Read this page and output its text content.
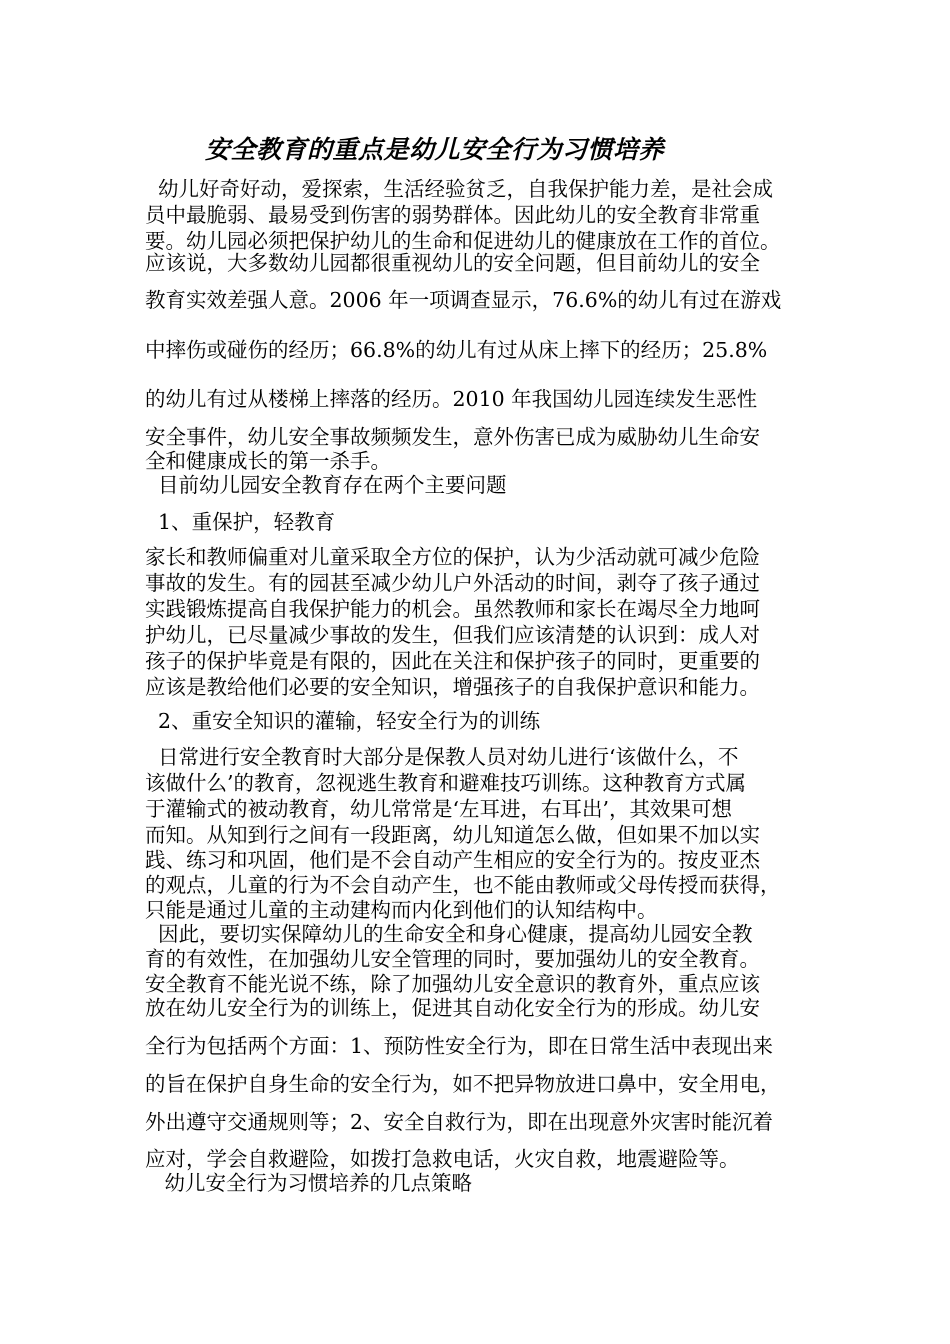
安全教育的重点是幼儿安全行为习惯培养
幼儿好奇好动，爱探索，生活经验贫乏，自我保护能力差，是社会成
员中最脆弱、最易受到伤害的弱势群体。因此幼儿的安全教育非常重
要。幼儿园必须把保护幼儿的生命和促进幼儿的健康放在工作的首位。
应该说，大多数幼儿园都很重视幼儿的安全问题，但目前幼儿的安全
教育实效差强人意。2006 年一项调查显示，76.6%的幼儿有过在游戏
中摔伤或碰伤的经历；66.8%的幼儿有过从床上摔下的经历；25.8%
的幼儿有过从楼梯上摔落的经历。2010 年我国幼儿园连续发生恶性
安全事件，幼儿安全事故频频发生，意外伤害已成为威胁幼儿生命安
全和健康成长的第一杀手。
目前幼儿园安全教育存在两个主要问题
1、重保护，轻教育
家长和教师偏重对儿童采取全方位的保护，认为少活动就可减少危险
事故的发生。有的园甚至减少幼儿户外活动的时间，剥夺了孩子通过
实践锻炼提高自我保护能力的机会。虽然教师和家长在竭尽全力地呵
护幼儿，已尽量减少事故的发生，但我们应该清楚的认识到：成人对
孩子的保护毕竟是有限的，因此在关注和保护孩子的同时，更重要的
应该是教给他们必要的安全知识，增强孩子的自我保护意识和能力。
2、重安全知识的灌输，轻安全行为的训练
日常进行安全教育时大部分是保教人员对幼儿进行‘该做什么，不
该做什么’的教育，忽视逃生教育和避难技巧训练。这种教育方式属
于灌输式的被动教育，幼儿常常是‘左耳进，右耳出’，其效果可想
而知。从知到行之间有一段距离，幼儿知道怎么做，但如果不加以实
践、练习和巩固，他们是不会自动产生相应的安全行为的。按皮亚杰
的观点，儿童的行为不会自动产生，也不能由教师或父母传授而获得，
只能是通过儿童的主动建构而内化到他们的认知结构中。
因此，要切实保障幼儿的生命安全和身心健康，提高幼儿园安全教
育的有效性，在加强幼儿安全管理的同时，要加强幼儿的安全教育。
安全教育不能光说不练，除了加强幼儿安全意识的教育外，重点应该
放在幼儿安全行为的训练上，促进其自动化安全行为的形成。幼儿安
全行为包括两个方面：1、预防性安全行为，即在日常生活中表现出来
的旨在保护自身生命的安全行为，如不把异物放进口鼻中，安全用电，
外出遵守交通规则等；2、安全自救行为，即在出现意外灾害时能沉着
应对，学会自救避险，如拨打急救电话，火灾自救，地震避险等。
幼儿安全行为习惯培养的几点策略
